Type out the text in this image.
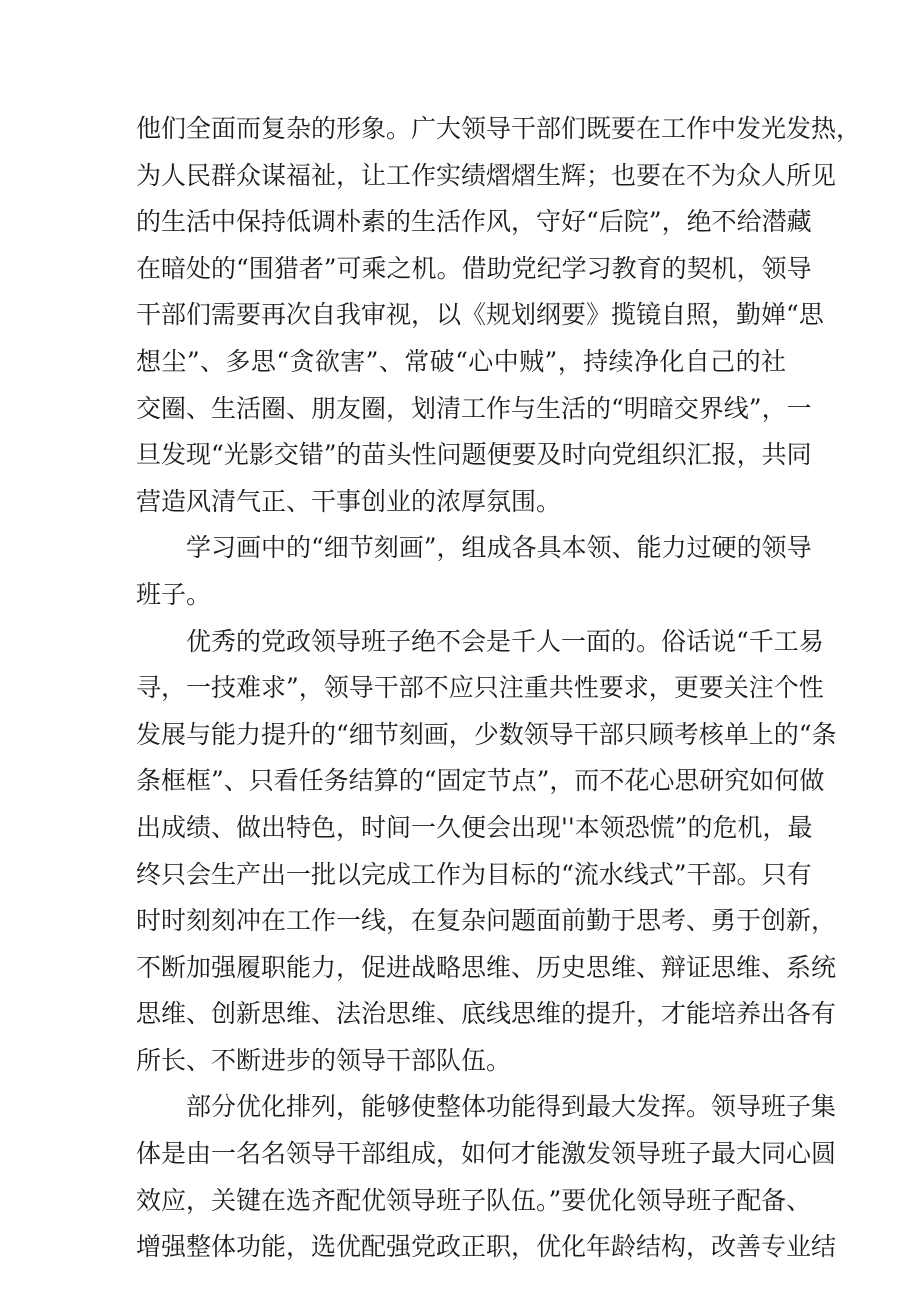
他们全面而复杂的形象。广大领导干部们既要在工作中发光发热，
为人民群众谋福祉，让工作实绩熠熠生辉；也要在不为众人所见
的生活中保持低调朴素的生活作风，守好“后院”，绝不给潜藏
在暗处的“围猎者”可乘之机。借助党纪学习教育的契机，领导
干部们需要再次自我审视，以《规划纲要》揽镜自照，勤婵“思
想尘”、多思“贪欲害”、常破“心中贼”，持续净化自己的社
交圈、生活圈、朋友圈，划清工作与生活的“明暗交界线”，一
旦发现“光影交错”的苗头性问题便要及时向党组织汇报，共同
营造风清气正、干事创业的浓厚氛围。
学习画中的“细节刻画”，组成各具本领、能力过硬的领导
班子。
优秀的党政领导班子绝不会是千人一面的。俗话说“千工易
寻，一技难求”，领导干部不应只注重共性要求，更要关注个性
发展与能力提升的“细节刻画，少数领导干部只顾考核单上的“条
条框框”、只看任务结算的“固定节点”，而不花心思研究如何做
出成绩、做出特色，时间一久便会出现''本领恐慌”的危机，最
终只会生产出一批以完成工作为目标的“流水线式”干部。只有
时时刻刻冲在工作一线，在复杂问题面前勤于思考、勇于创新，
不断加强履职能力，促进战略思维、历史思维、辩证思维、系统
思维、创新思维、法治思维、底线思维的提升，才能培养出各有
所长、不断进步的领导干部队伍。
部分优化排列，能够使整体功能得到最大发挥。领导班子集
体是由一名名领导干部组成，如何才能激发领导班子最大同心圆
效应，关键在选齐配优领导班子队伍。”要优化领导班子配备、
增强整体功能，选优配强党政正职，优化年龄结构，改善专业结
